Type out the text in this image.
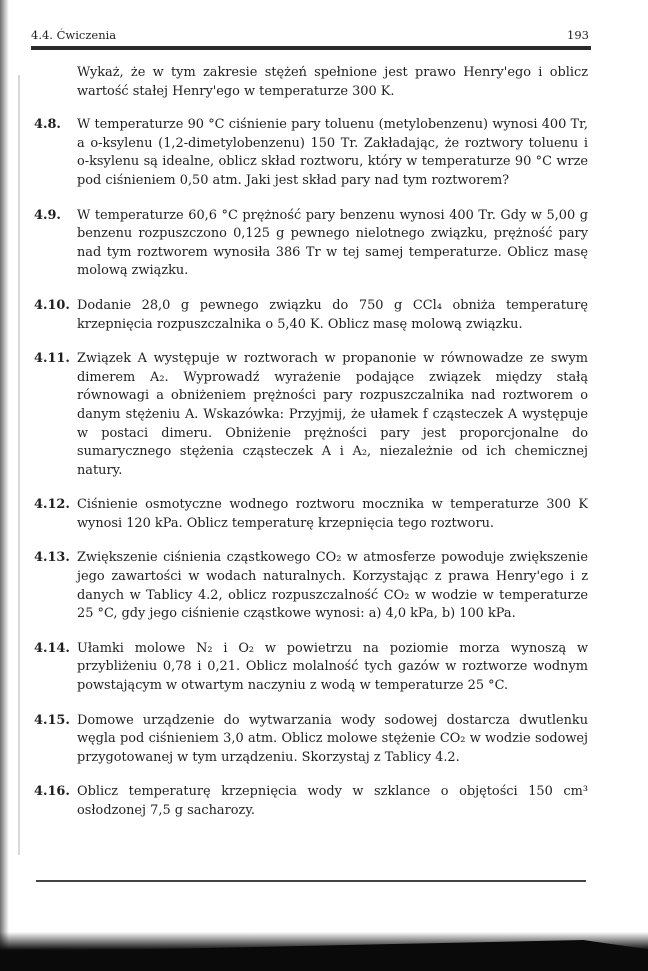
4.4. Ćwiczenia	193
Wykaż, że w tym zakresie stężeń spełnione jest prawo Henry'ego i oblicz wartość stałej Henry'ego w temperaturze 300 K.
4.8. W temperaturze 90 °C ciśnienie pary toluenu (metylobenzenu) wynosi 400 Tr, a o-ksylenu (1,2-dimetylobenzenu) 150 Tr. Zakładając, że roztwory toluenu i o-ksylenu są idealne, oblicz skład roztworu, który w temperaturze 90 °C wrze pod ciśnieniem 0,50 atm. Jaki jest skład pary nad tym roztworem?
4.9. W temperaturze 60,6 °C prężność pary benzenu wynosi 400 Tr. Gdy w 5,00 g benzenu rozpuszczono 0,125 g pewnego nielotnego związku, prężność pary nad tym roztworem wynosiła 386 Tr w tej samej temperaturze. Oblicz masę molową związku.
4.10. Dodanie 28,0 g pewnego związku do 750 g CCl₄ obniża temperaturę krzepnięcia rozpuszczalnika o 5,40 K. Oblicz masę molową związku.
4.11. Związek A występuje w roztworach w propanonie w równowadze ze swym dimerem A₂. Wyprowadź wyrażenie podające związek między stałą równowagi a obniżeniem prężności pary rozpuszczalnika nad roztworem o danym stężeniu A. Wskazówka: Przyjmij, że ułamek f cząsteczek A występuje w postaci dimeru. Obniżenie prężności pary jest proporcjonalne do sumarycznego stężenia cząsteczek A i A₂, niezależnie od ich chemicznej natury.
4.12. Ciśnienie osmotyczne wodnego roztworu mocznika w temperaturze 300 K wynosi 120 kPa. Oblicz temperaturę krzepnięcia tego roztworu.
4.13. Zwiększenie ciśnienia cząstkowego CO₂ w atmosferze powoduje zwiększenie jego zawartości w wodach naturalnych. Korzystając z prawa Henry'ego i z danych w Tablicy 4.2, oblicz rozpuszczalność CO₂ w wodzie w temperaturze 25 °C, gdy jego ciśnienie cząstkowe wynosi: a) 4,0 kPa, b) 100 kPa.
4.14. Ułamki molowe N₂ i O₂ w powietrzu na poziomie morza wynoszą w przybliżeniu 0,78 i 0,21. Oblicz molalność tych gazów w roztworze wodnym powstającym w otwartym naczyniu z wodą w temperaturze 25 °C.
4.15. Domowe urządzenie do wytwarzania wody sodowej dostarcza dwutlenku węgla pod ciśnieniem 3,0 atm. Oblicz molowe stężenie CO₂ w wodzie sodowej przygotowanej w tym urządzeniu. Skorzystaj z Tablicy 4.2.
4.16. Oblicz temperaturę krzepnięcia wody w szklance o objętości 150 cm³ osłodzonej 7,5 g sacharozy.
